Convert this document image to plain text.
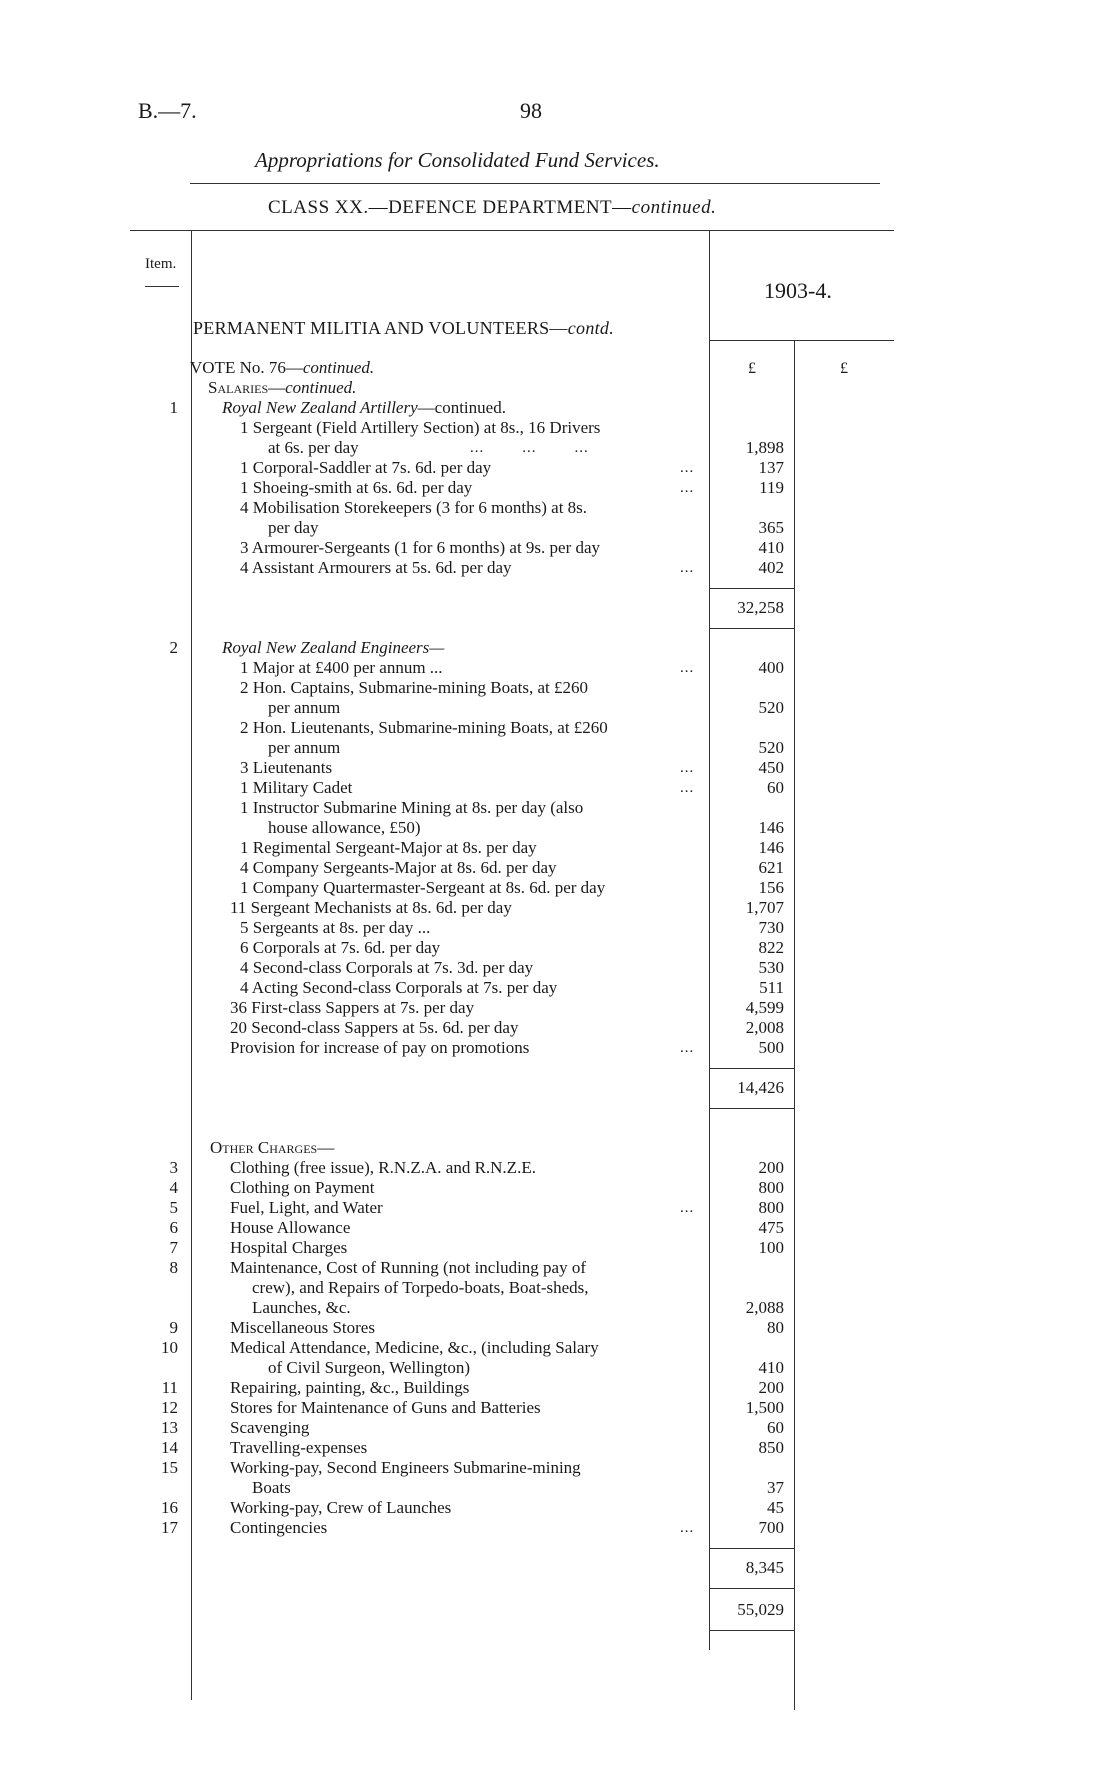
B.—7.	98
Appropriations for Consolidated Fund Services.
CLASS XX.—DEFENCE DEPARTMENT—continued.
Item.
1903-4.
PERMANENT MILITIA AND VOLUNTEERS—contd.
£	£
VOTE No. 76—continued.
Salaries—continued.
1	Royal New Zealand Artillery—continued.
1 Sergeant (Field Artillery Section) at 8s., 16 Drivers
at 6s. per day	1,898
1 Corporal-Saddler at 7s. 6d. per day	137
1 Shoeing-smith at 6s. 6d. per day	119
4 Mobilisation Storekeepers (3 for 6 months) at 8s.
per day	365
3 Armourer-Sergeants (1 for 6 months) at 9s. per day	410
4 Assistant Armourers at 5s. 6d. per day	402
32,258
2	Royal New Zealand Engineers—
1 Major at £400 per annum ...	400
2 Hon. Captains, Submarine-mining Boats, at £260
per annum	520
2 Hon. Lieutenants, Submarine-mining Boats, at £260
per annum	520
3 Lieutenants	450
1 Military Cadet	60
1 Instructor Submarine Mining at 8s. per day (also
house allowance, £50)	146
1 Regimental Sergeant-Major at 8s. per day	146
4 Company Sergeants-Major at 8s. 6d. per day	621
1 Company Quartermaster-Sergeant at 8s. 6d. per day	156
11 Sergeant Mechanists at 8s. 6d. per day	1,707
5 Sergeants at 8s. per day ...	730
6 Corporals at 7s. 6d. per day	822
4 Second-class Corporals at 7s. 3d. per day	530
4 Acting Second-class Corporals at 7s. per day	511
36 First-class Sappers at 7s. per day	4,599
20 Second-class Sappers at 5s. 6d. per day	2,008
Provision for increase of pay on promotions	500
14,426
Other Charges—
3	Clothing (free issue), R.N.Z.A. and R.N.Z.E.	200
4	Clothing on Payment	800
5	Fuel, Light, and Water	800
6	House Allowance	475
7	Hospital Charges	100
8	Maintenance, Cost of Running (not including pay of
crew), and Repairs of Torpedo-boats, Boat-sheds,
Launches, &c.	2,088
9	Miscellaneous Stores	80
10	Medical Attendance, Medicine, &c., (including Salary
of Civil Surgeon, Wellington)	410
11	Repairing, painting, &c., Buildings	200
12	Stores for Maintenance of Guns and Batteries	1,500
13	Scavenging	60
14	Travelling-expenses	850
15	Working-pay, Second Engineers Submarine-mining
Boats	37
16	Working-pay, Crew of Launches	45
17	Contingencies	700
8,345
55,029
...        ...        ...
...
...
...
...
...
...
...
...
...
